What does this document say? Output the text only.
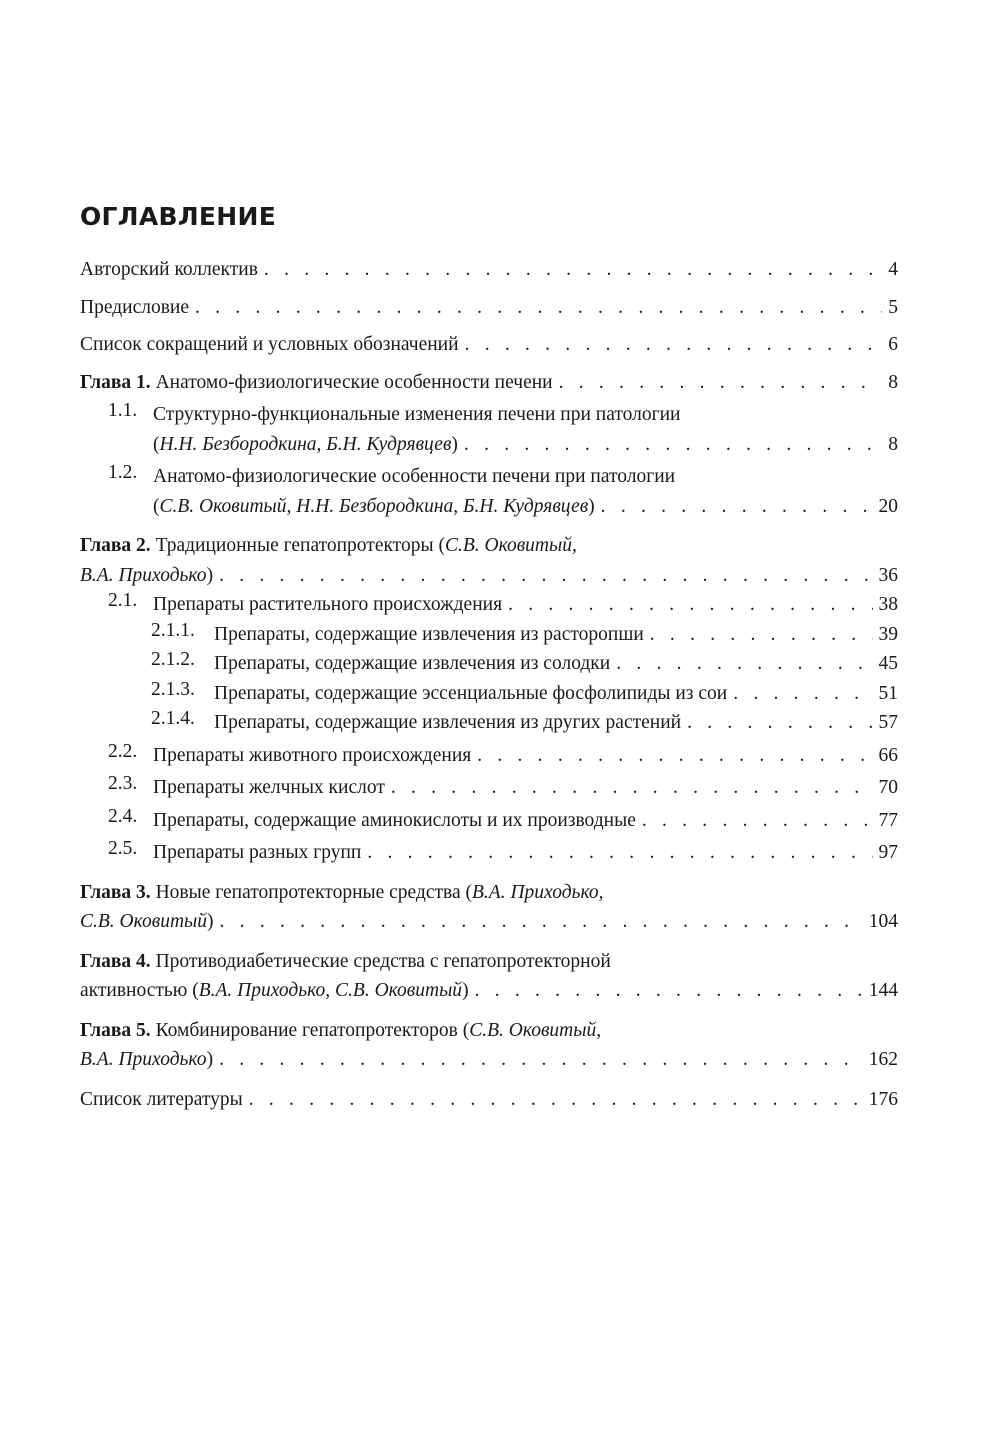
ОГЛАВЛЕНИЕ
Авторский коллектив . . .	4
Предисловие . . .	5
Список сокращений и условных обозначений . . .	6
Глава 1. Анатомо-физиологические особенности печени . . .	8
1.1. Структурно-функциональные изменения печени при патологии
(Н.Н. Безбородкина, Б.Н. Кудрявцев) . . .	8
1.2. Анатомо-физиологические особенности печени при патологии
(С.В. Оковитый, Н.Н. Безбородкина, Б.Н. Кудрявцев) . . .	20
Глава 2. Традиционные гепатопротекторы (С.В. Оковитый,
В.А. Приходько) . . .	36
2.1. Препараты растительного происхождения . . .	38
2.1.1. Препараты, содержащие извлечения из расторопши . . .	39
2.1.2. Препараты, содержащие извлечения из солодки . . .	45
2.1.3. Препараты, содержащие эссенциальные фосфолипиды из сои . . .	51
2.1.4. Препараты, содержащие извлечения из других растений . . .	57
2.2. Препараты животного происхождения . . .	66
2.3. Препараты желчных кислот . . .	70
2.4. Препараты, содержащие аминокислоты и их производные . . .	77
2.5. Препараты разных групп . . .	97
Глава 3. Новые гепатопротекторные средства (В.А. Приходько,
С.В. Оковитый) . . .	104
Глава 4. Противодиабетические средства с гепатопротекторной
активностью (В.А. Приходько, С.В. Оковитый) . . .	144
Глава 5. Комбинирование гепатопротекторов (С.В. Оковитый,
В.А. Приходько) . . .	162
Список литературы . . .	176
